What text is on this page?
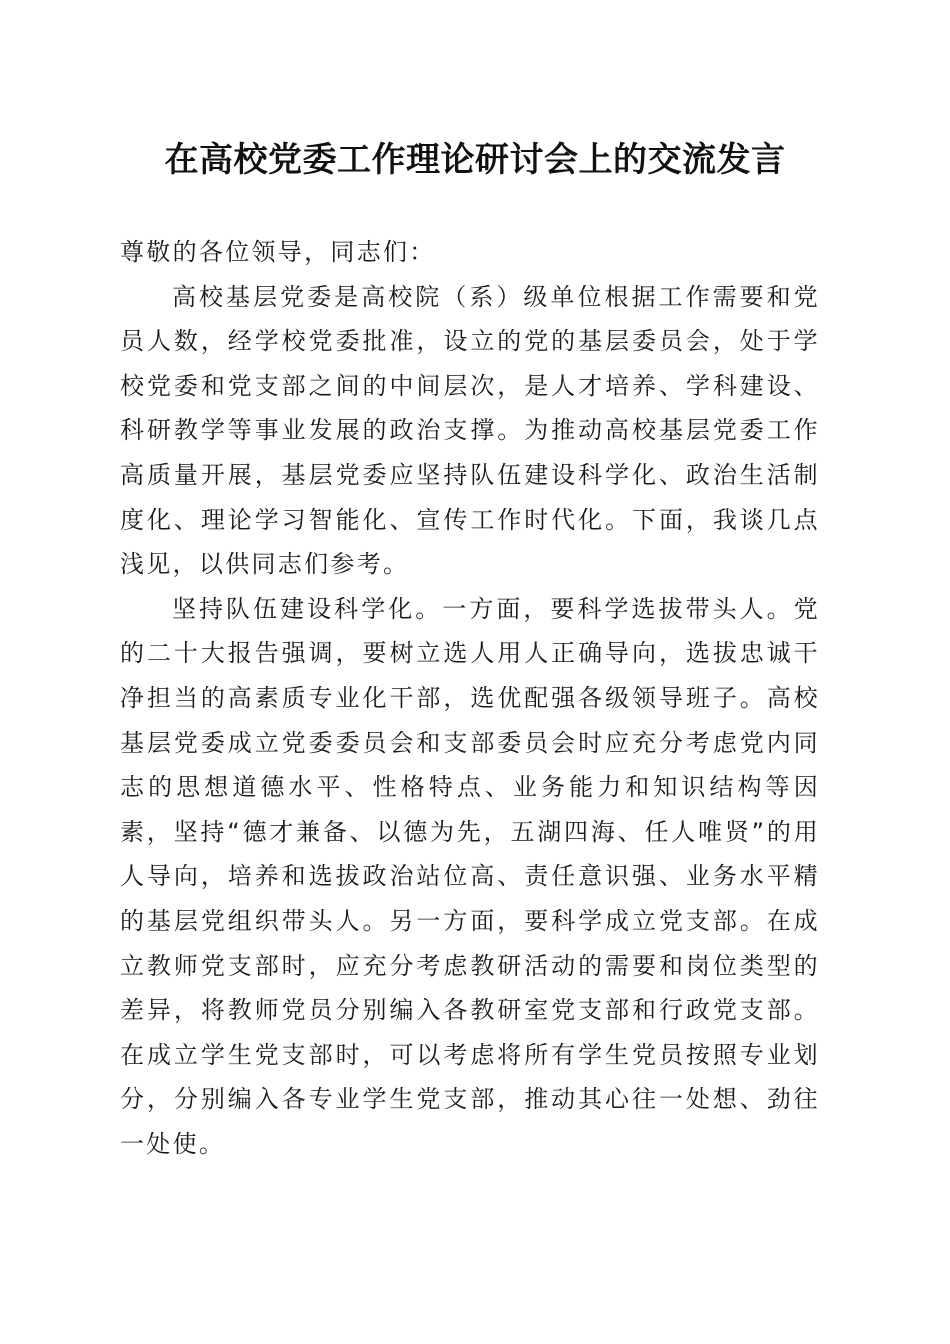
在高校党委工作理论研讨会上的交流发言

尊敬的各位领导，同志们：

高校基层党委是高校院（系）级单位根据工作需要和党员人数，经学校党委批准，设立的党的基层委员会，处于学校党委和党支部之间的中间层次，是人才培养、学科建设、科研教学等事业发展的政治支撑。为推动高校基层党委工作高质量开展，基层党委应坚持队伍建设科学化、政治生活制度化、理论学习智能化、宣传工作时代化。下面，我谈几点浅见，以供同志们参考。

坚持队伍建设科学化。一方面，要科学选拔带头人。党的二十大报告强调，要树立选人用人正确导向，选拔忠诚干净担当的高素质专业化干部，选优配强各级领导班子。高校基层党委成立党委委员会和支部委员会时应充分考虑党内同志的思想道德水平、性格特点、业务能力和知识结构等因素，坚持“德才兼备、以德为先，五湖四海、任人唯贤”的用人导向，培养和选拔政治站位高、责任意识强、业务水平精的基层党组织带头人。另一方面，要科学成立党支部。在成立教师党支部时，应充分考虑教研活动的需要和岗位类型的差异，将教师党员分别编入各教研室党支部和行政党支部。在成立学生党支部时，可以考虑将所有学生党员按照专业划分，分别编入各专业学生党支部，推动其心往一处想、劲往一处使。
